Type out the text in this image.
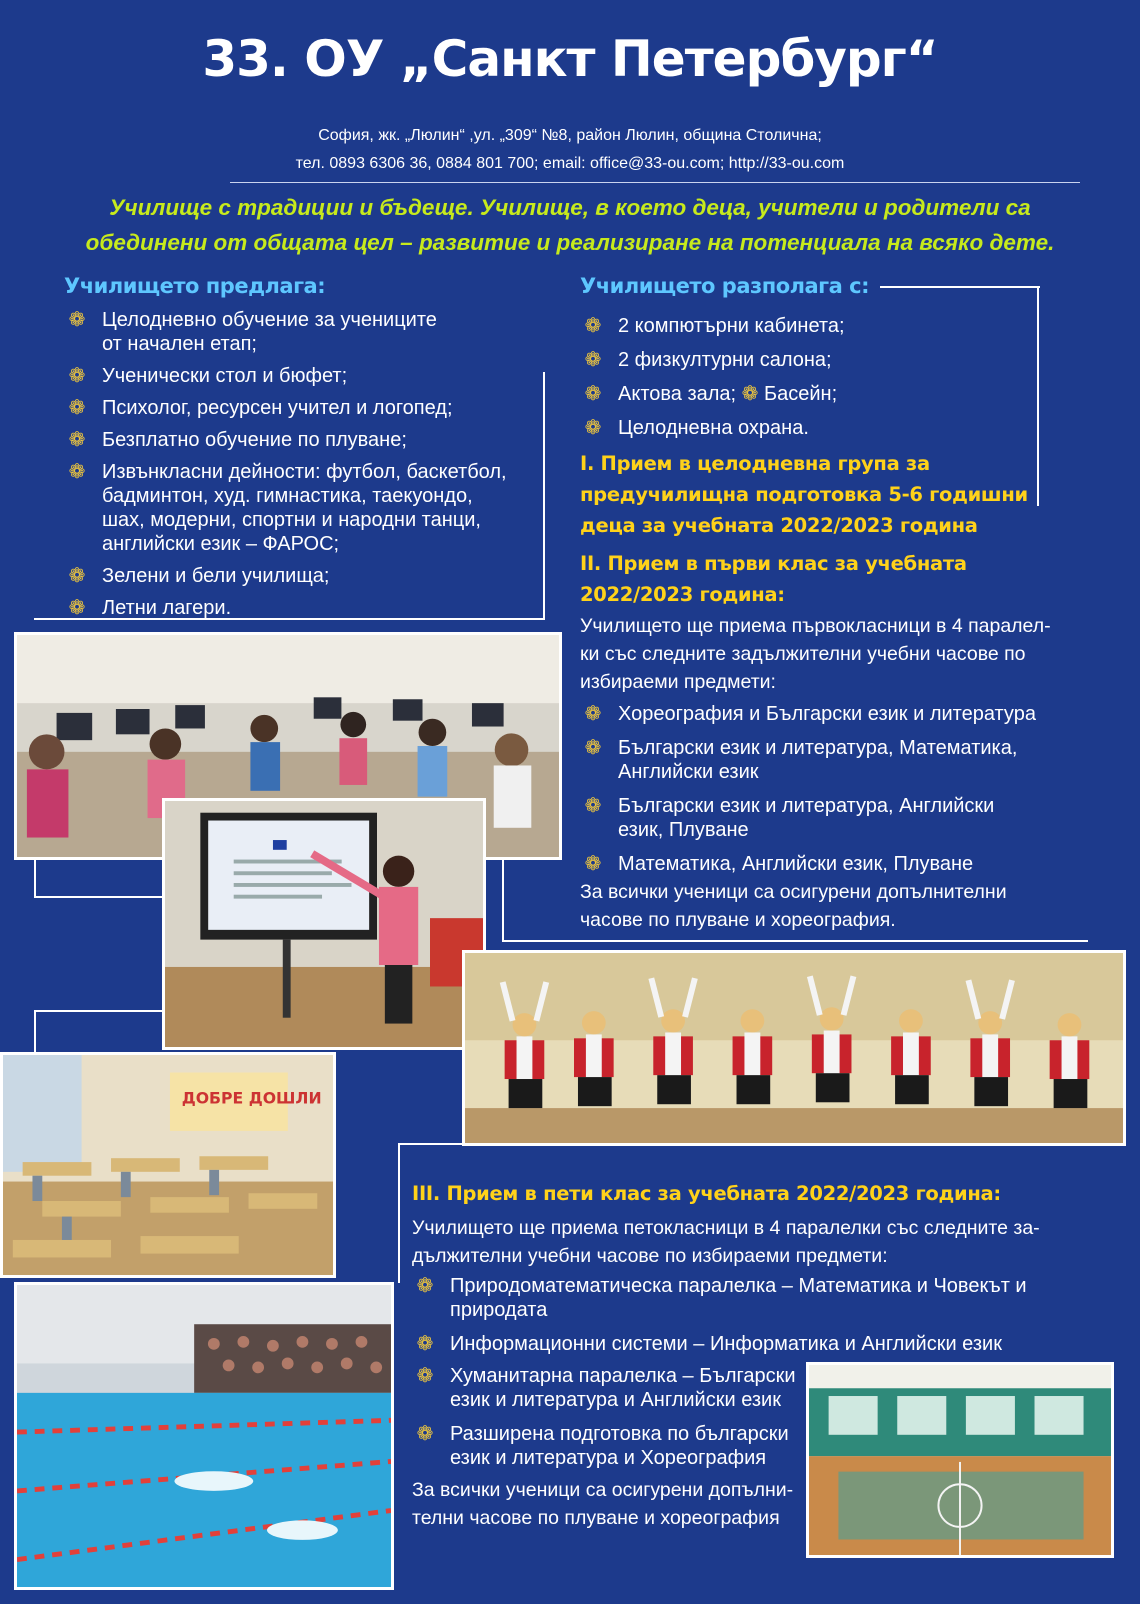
33. ОУ „Санкт Петербург“
София, жк. „Люлин“ ,ул. „309“ №8, район Люлин, община Столична;
тел. 0893 6306 36, 0884 801 700; email: office@33-ou.com; http://33-ou.com
Училище с традиции и бъдеще. Училище, в което деца, учители и родители са
обединени от общата цел – развитие и реализиране на потенциала на всяко дете.
Училището предлага:
❁ Целодневно обучение за учениците
от начален етап;
❁ Ученически стол и бюфет;
❁ Психолог, ресурсен учител и логопед;
❁ Безплатно обучение по плуване;
❁ Извънкласни дейности: футбол, баскетбол,
бадминтон, худ. гимнастика, таекуондо,
шах, модерни, спортни и народни танци,
английски език – ФАРОС;
❁ Зелени и бели училища;
❁ Летни лагери.
Училището разполага с:
❁ 2 компютърни кабинета;
❁ 2 физкултурни салона;
❁ Актова зала; ❁ Басейн;
❁ Целодневна охрана.
I. Прием в целодневна група за
предучилищна подготовка 5-6 годишни
деца за учебната 2022/2023 година
II. Прием в първи клас за учебната
2022/2023 година:
Училището ще приема първокласници в 4 паралел-
ки със следните задължителни учебни часове по
избираеми предмети:
❁ Хореография и Български език и литература
❁ Български език и литература, Математика,
Английски език
❁ Български език и литература, Английски
език, Плуване
❁ Математика, Английски език, Плуване
За всички ученици са осигурени допълнителни
часове по плуване и хореография.
III. Прием в пети клас за учебната 2022/2023 година:
Училището ще приема петокласници в 4 паралелки със следните за-
дължителни учебни часове по избираеми предмети:
❁ Природоматематическа паралелка – Математика и Човекът и
природата
❁ Информационни системи – Информатика и Английски език
❁ Хуманитарна паралелка – Български
език и литература и Английски език
❁ Разширена подготовка по български
език и литература и Хореография
За всички ученици са осигурени допълни-
телни часове по плуване и хореография
ДОБРЕ ДОШЛИ
